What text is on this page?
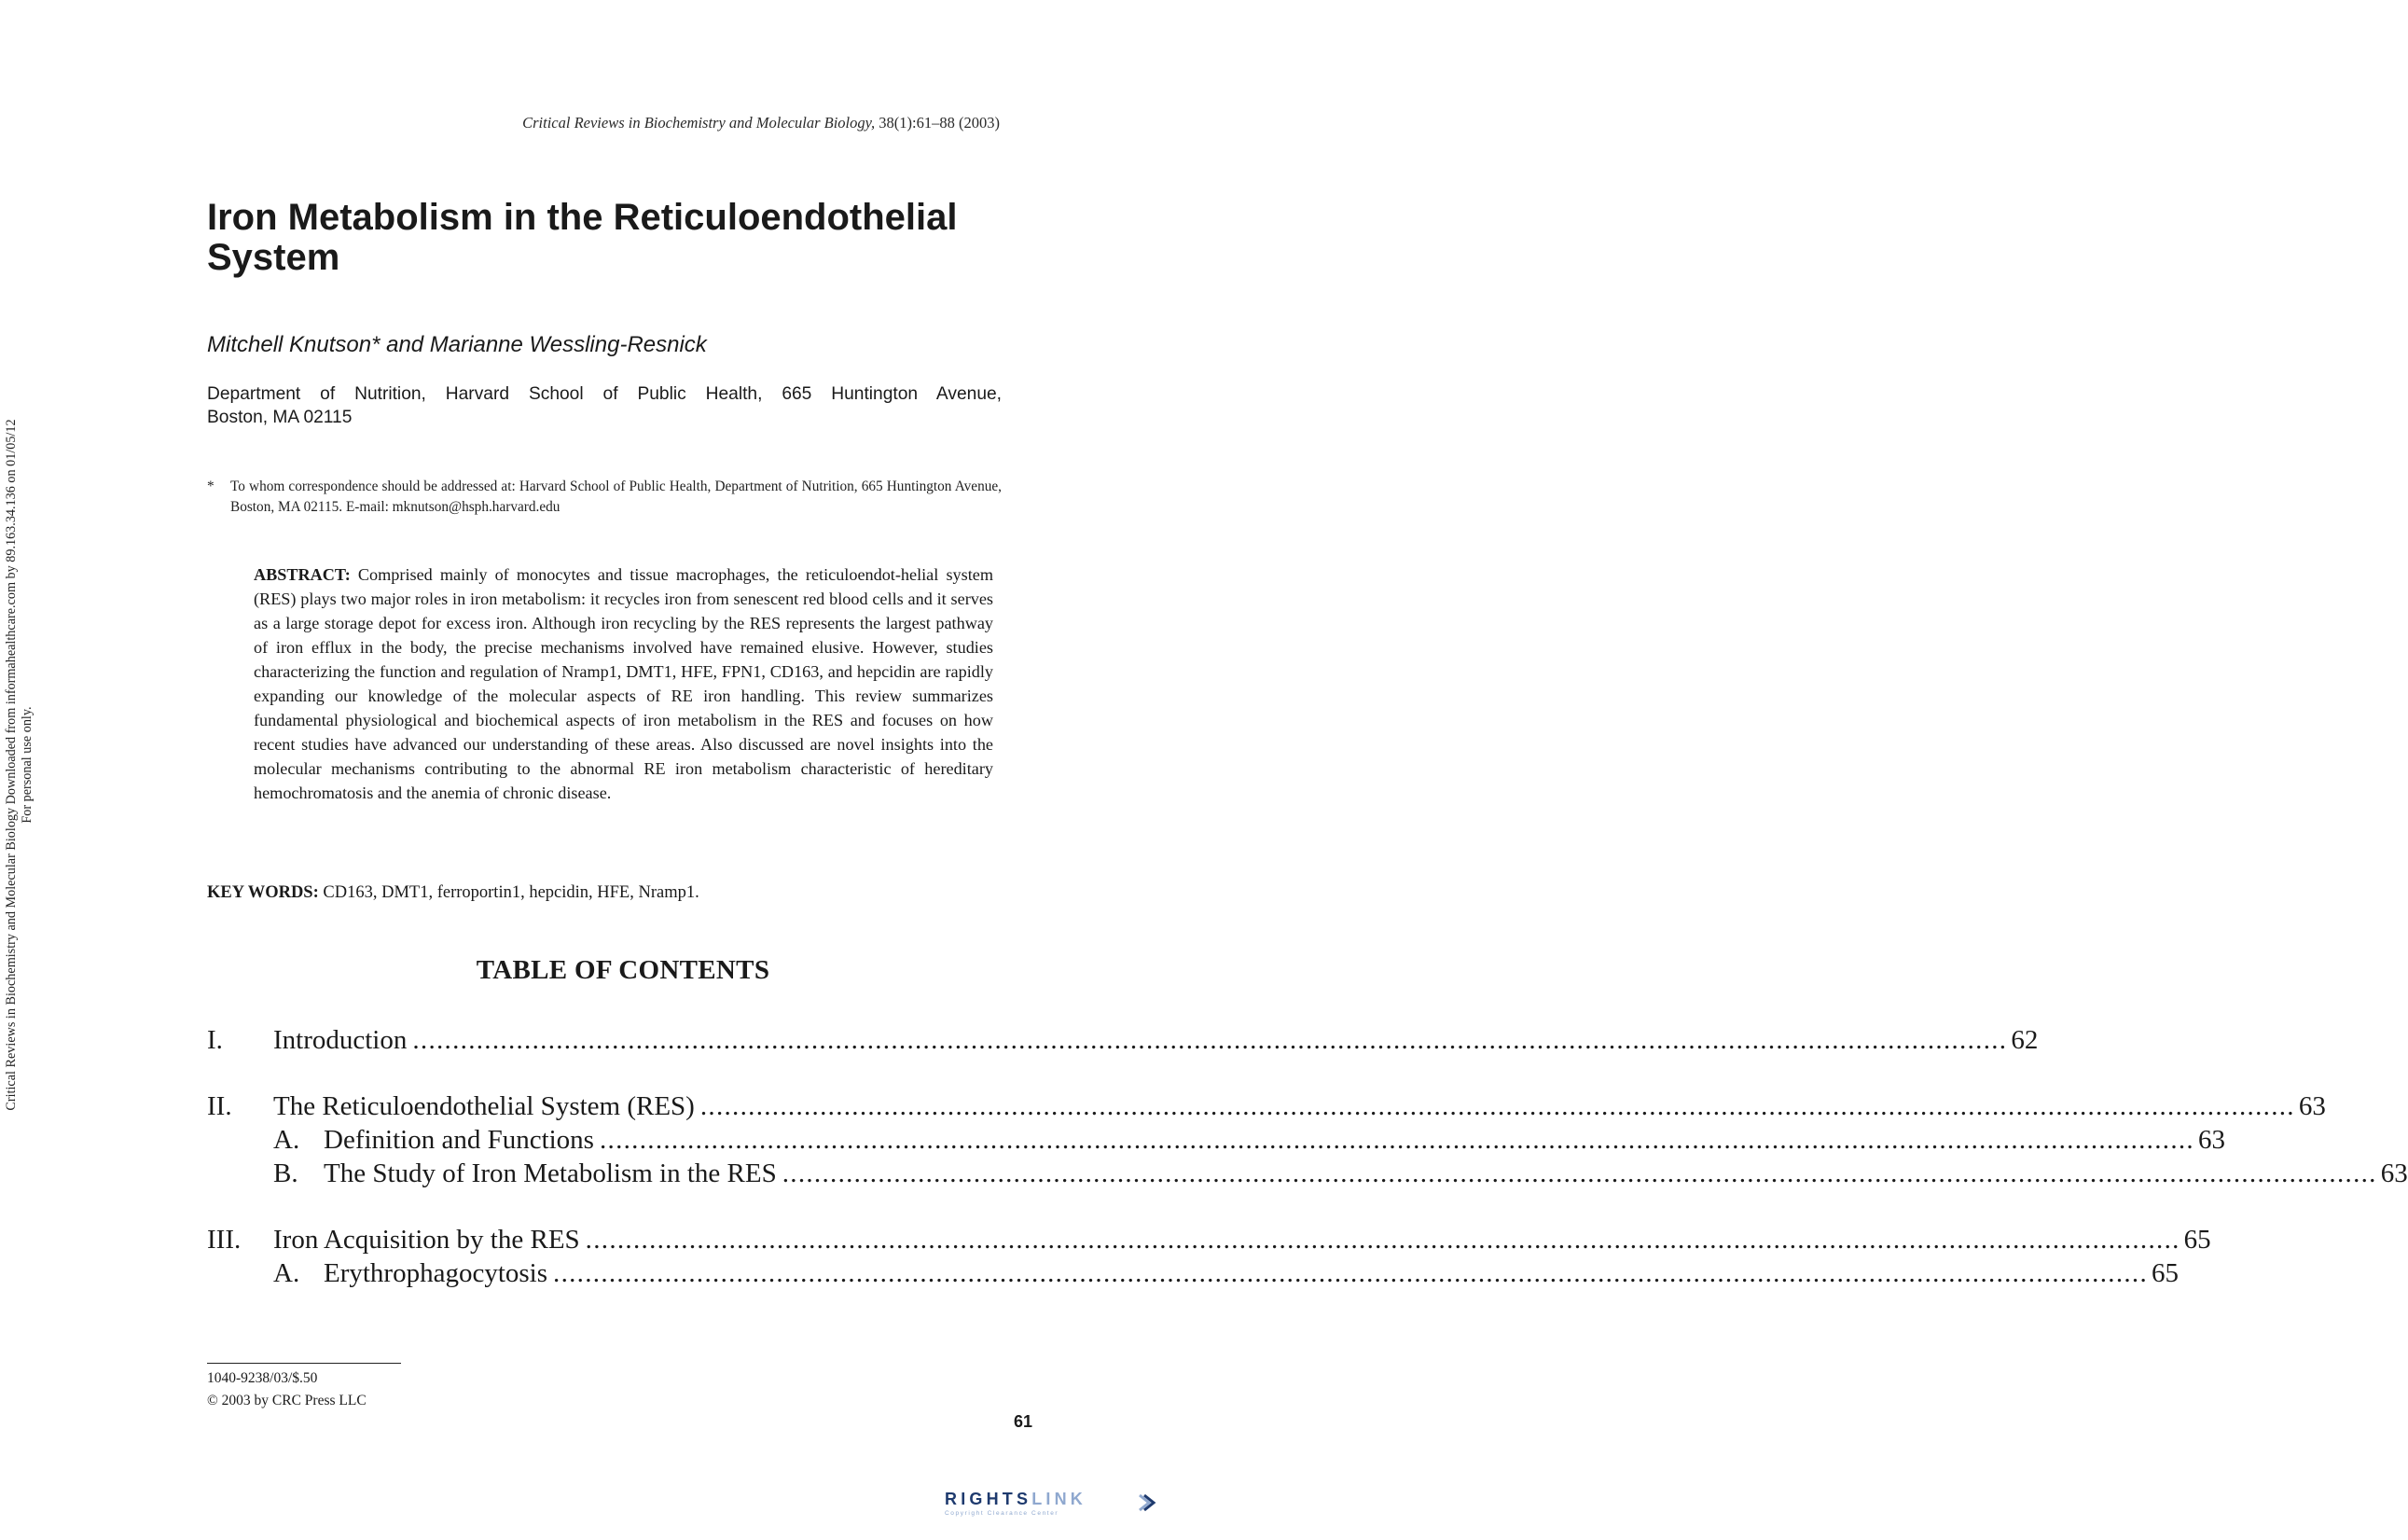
Critical Reviews in Biochemistry and Molecular Biology, 38(1):61–88 (2003)
Critical Reviews in Biochemistry and Molecular Biology Downloaded from informahealthcare.com by 89.163.34.136 on 01/05/12 For personal use only.
Iron Metabolism in the Reticuloendothelial System
Mitchell Knutson* and Marianne Wessling-Resnick
Department of Nutrition, Harvard School of Public Health, 665 Huntington Avenue,
Boston, MA 02115
* To whom correspondence should be addressed at: Harvard School of Public Health, Department of Nutrition, 665 Huntington Avenue, Boston, MA 02115. E-mail: mknutson@hsph.harvard.edu
ABSTRACT: Comprised mainly of monocytes and tissue macrophages, the reticuloendot-helial system (RES) plays two major roles in iron metabolism: it recycles iron from senescent red blood cells and it serves as a large storage depot for excess iron. Although iron recycling by the RES represents the largest pathway of iron efflux in the body, the precise mechanisms involved have remained elusive. However, studies characterizing the function and regulation of Nramp1, DMT1, HFE, FPN1, CD163, and hepcidin are rapidly expanding our knowledge of the molecular aspects of RE iron handling. This review summarizes fundamental physiological and biochemical aspects of iron metabolism in the RES and focuses on how recent studies have advanced our understanding of these areas. Also discussed are novel insights into the molecular mechanisms contributing to the abnormal RE iron metabolism characteristic of hereditary hemochromatosis and the anemia of chronic disease.
KEY WORDS: CD163, DMT1, ferroportin1, hepcidin, HFE, Nramp1.
TABLE OF CONTENTS
I. Introduction ........................................................................................................................................................................................................ 62
II. The Reticuloendothelial System (RES) ........................................................................................................................................................................................................ 63
A. Definition and Functions ........................................................................................................................................................................................................ 63
B. The Study of Iron Metabolism in the RES ........................................................................................................................................................................................................ 63
III. Iron Acquisition by the RES ........................................................................................................................................................................................................ 65
A. Erythrophagocytosis ........................................................................................................................................................................................................ 65
1040-9238/03/$.50
© 2003 by CRC Press LLC
61
RIGHTSLINK
Copyright Clearance Center
